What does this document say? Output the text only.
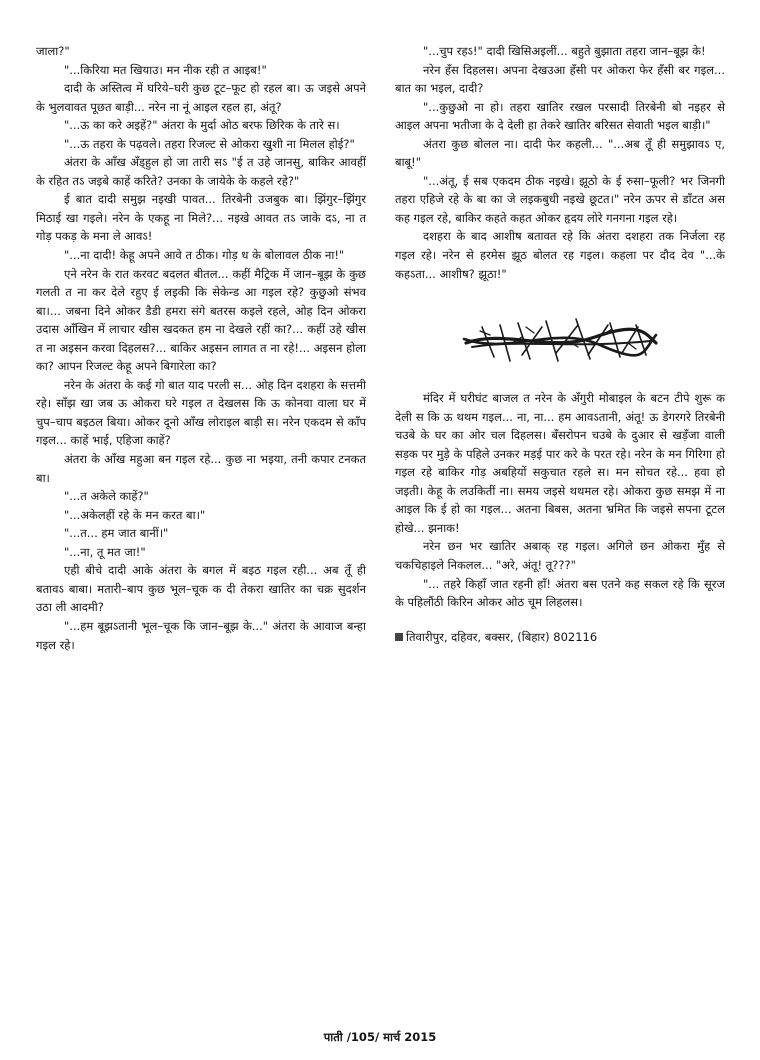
जाला?"

"...किरिया मत खियाउ। मन नीक रही त आइब!"

दादी के अस्तित्व में घरिये–घरी कुछ टूट–फूट हो रहल बा। ऊ जइसे अपने के भुलवावत पूछत बाड़ी... नरेन ना नूं आइल रहल हा, अंतू?

"...ऊ का करे अइहें?" अंतरा के मुर्दा ओठ बरफ छिरिक के तारे स।

"...ऊ तहरा के पढ़वले। तहरा रिजल्ट से ओकरा खुशी ना मिलल होई?"

अंतरा के आँख अँड्हुल हो जा तारी सऽ "ई त उहे जानसु, बाकिर आवहीं के रहित तऽ जइबे काहें करिते? उनका के जायेके के कहले रहे?"

ई बात दादी समुझ नइखी पावत... तिरबेनी उजबुक बा। झिंगुर–झिंगुर मिठाई खा गइले। नरेन के एकहू ना मिले?... नइखे आवत तऽ जाके दऽ, ना त गोड़ पकड़ के मना ले आवऽ!

"...ना दादी! केहू अपने आवे त ठीक। गोड़ ध के बोलावल ठीक ना!"

एने नरेन के रात करवट बदलत बीतल... कहीं मैट्रिक में जान–बूझ के कुछ गलती त ना कर देले रहुए ई लइकी कि सेकेन्ड आ गइल रहे? कुछुओ संभव बा।... जबना दिने ओकर डैडी हमरा संगे बतरस कइले रहले, ओह दिन ओकरा उदास आँखिन में लाचार खीस खदकत हम ना देखले रहीं का?... कहीं उहे खीस त ना अइसन करवा दिहलस?... बाकिर अइसन लागत त ना रहे!... अइसन होला का? आपन रिजल्ट केहू अपने बिगारेला का?

नरेन के अंतरा के कई गो बात याद परली स... ओह दिन दशहरा के सत्तमी रहे। साँझ खा जब ऊ ओकरा घरे गइल त देखलस कि ऊ कोनवा वाला घर में चुप–चाप बइठल बिया। ओकर दूनो आँख लोराइल बाड़ी स। नरेन एकदम से काँप गइल... काहें भाई, एहिजा काहें?

अंतरा के आँख महुआ बन गइल रहे... कुछ ना भइया, तनी कपार टनकत बा।

"...त अकेले काहें?"

"...अकेलहीं रहे के मन करत बा।"

"...त... हम जात बानीं।"

"...ना, तू मत जा!"

एही बीचे दादी आके अंतरा के बगल में बइठ गइल रही... अब तूँ ही बतावऽ बाबा। मतारी–बाप कुछ भूल–चूक क दी तेकरा खातिर का चक्र सुदर्शन उठा ली आदमी?

"...हम बूझऽतानी भूल–चूक कि जान–बूझ के..." अंतरा के आवाज बन्हा गइल रहे।

"...चुप रहऽ!" दादी खिसिअइलीं... बहुते बुझाता तहरा जान–बूझ के!

नरेन हँस दिहलस। अपना देखउआ हँसी पर ओकरा फेर हँसी बर गइल... बात का भइल, दादी?

"...कुछुओ ना हो। तहरा खातिर रखल परसादी तिरबेनी बो नइहर से आइल अपना भतीजा के दे देली हा तेकरे खातिर बरिसत सेवाती भइल बाड़ी।"

अंतरा कुछ बोलल ना। दादी फेर कहली... "...अब तूँ ही समुझावऽ ए, बाबू!"

"...अंतू, ई सब एकदम ठीक नइखे। झूठो के ई रुसा–फूली? भर जिनगी तहरा एहिजे रहे के बा का जे लइकबुधी नइखे छूटत।" नरेन ऊपर से डाँटत अस कह गइल रहे, बाकिर कहते कहत ओकर हृदय लोरे गनगना गइल रहे।

दशहरा के बाद आशीष बतावत रहे कि अंतरा दशहरा तक निर्जला रह गइल रहे। नरेन से हरमेस झूठ बोलत रह गइल। कहला पर दौद देव "...के कहऽता... आशीष? झूठा!"

मंदिर में घरीघंट बाजल त नरेन के अँगुरी मोबाइल के बटन टीपे शुरू क देली स कि ऊ थथम गइल... ना, ना... हम आवऽतानी, अंतू! ऊ डेगरगरे तिरबेनी चउबे के घर का ओर चल दिहलस। बँसरोपन चउबे के दुआर से खड़ँजा वाली सड़क पर मुड़े के पहिले उनकर मड़ई पार करे के परत रहे। नरेन के मन गिरिगा हो गइल रहे बाकिर गोड़ अबहियों सकुचात रहले स। मन सोचत रहे... हवा हो जइती। केहू के लउकितीं ना। समय जइसे थथमल रहे। ओकरा कुछ समझ में ना आइल कि ई हो का गइल... अतना बिबस, अतना भ्रमित कि जइसे सपना टूटल होखे... झनाक!

नरेन छन भर खातिर अबाक् रह गइल। अगिले छन ओकरा मुँह से चकचिहाइले निकलल... "अरे, अंतू! तू???"

"... तहरे किहाँ जात रहनी हाँ! अंतरा बस एतने कह सकल रहे कि सूरज के पहिलौंठी किरिन ओकर ओठ चूम लिहलस।

तिवारीपुर, दहिवर, बक्सर, (बिहार) 802116

पाती /105/ मार्च 2015
